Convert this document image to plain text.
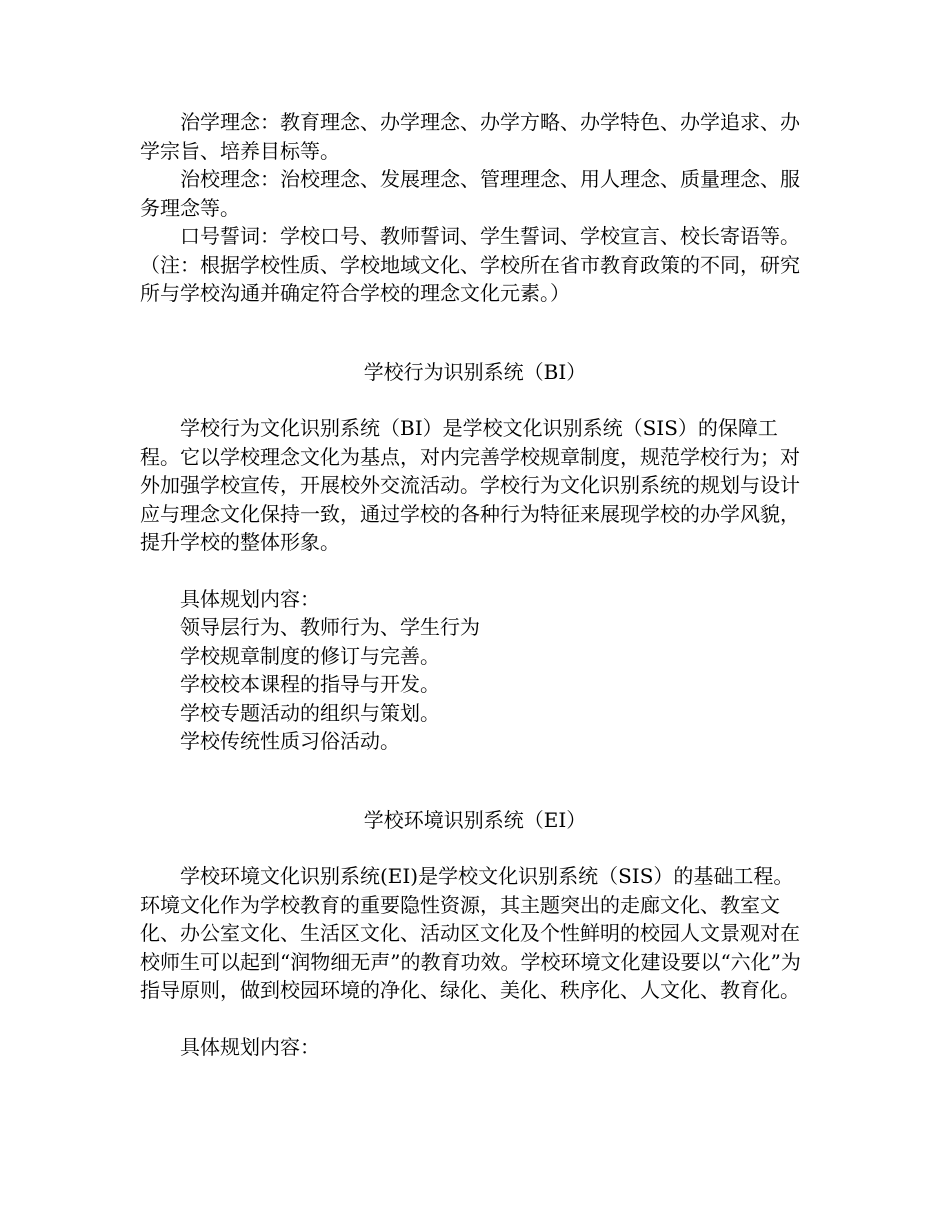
治学理念：教育理念、办学理念、办学方略、办学特色、办学追求、办学宗旨、培养目标等。

治校理念：治校理念、发展理念、管理理念、用人理念、质量理念、服务理念等。

口号誓词：学校口号、教师誓词、学生誓词、学校宣言、校长寄语等。 （注：根据学校性质、学校地域文化、学校所在省市教育政策的不同，研究所与学校沟通并确定符合学校的理念文化元素。）

学校行为识别系统（BI）

学校行为文化识别系统（BI）是学校文化识别系统（SIS）的保障工程。它以学校理念文化为基点，对内完善学校规章制度，规范学校行为；对外加强学校宣传，开展校外交流活动。学校行为文化识别系统的规划与设计应与理念文化保持一致，通过学校的各种行为特征来展现学校的办学风貌，提升学校的整体形象。

具体规划内容：

领导层行为、教师行为、学生行为

学校规章制度的修订与完善。

学校校本课程的指导与开发。

学校专题活动的组织与策划。

学校传统性质习俗活动。

学校环境识别系统（EI）

学校环境文化识别系统(EI)是学校文化识别系统（SIS）的基础工程。环境文化作为学校教育的重要隐性资源，其主题突出的走廊文化、教室文化、办公室文化、生活区文化、活动区文化及个性鲜明的校园人文景观对在校师生可以起到“润物细无声”的教育功效。学校环境文化建设要以“六化”为指导原则，做到校园环境的净化、绿化、美化、秩序化、人文化、教育化。

具体规划内容：
